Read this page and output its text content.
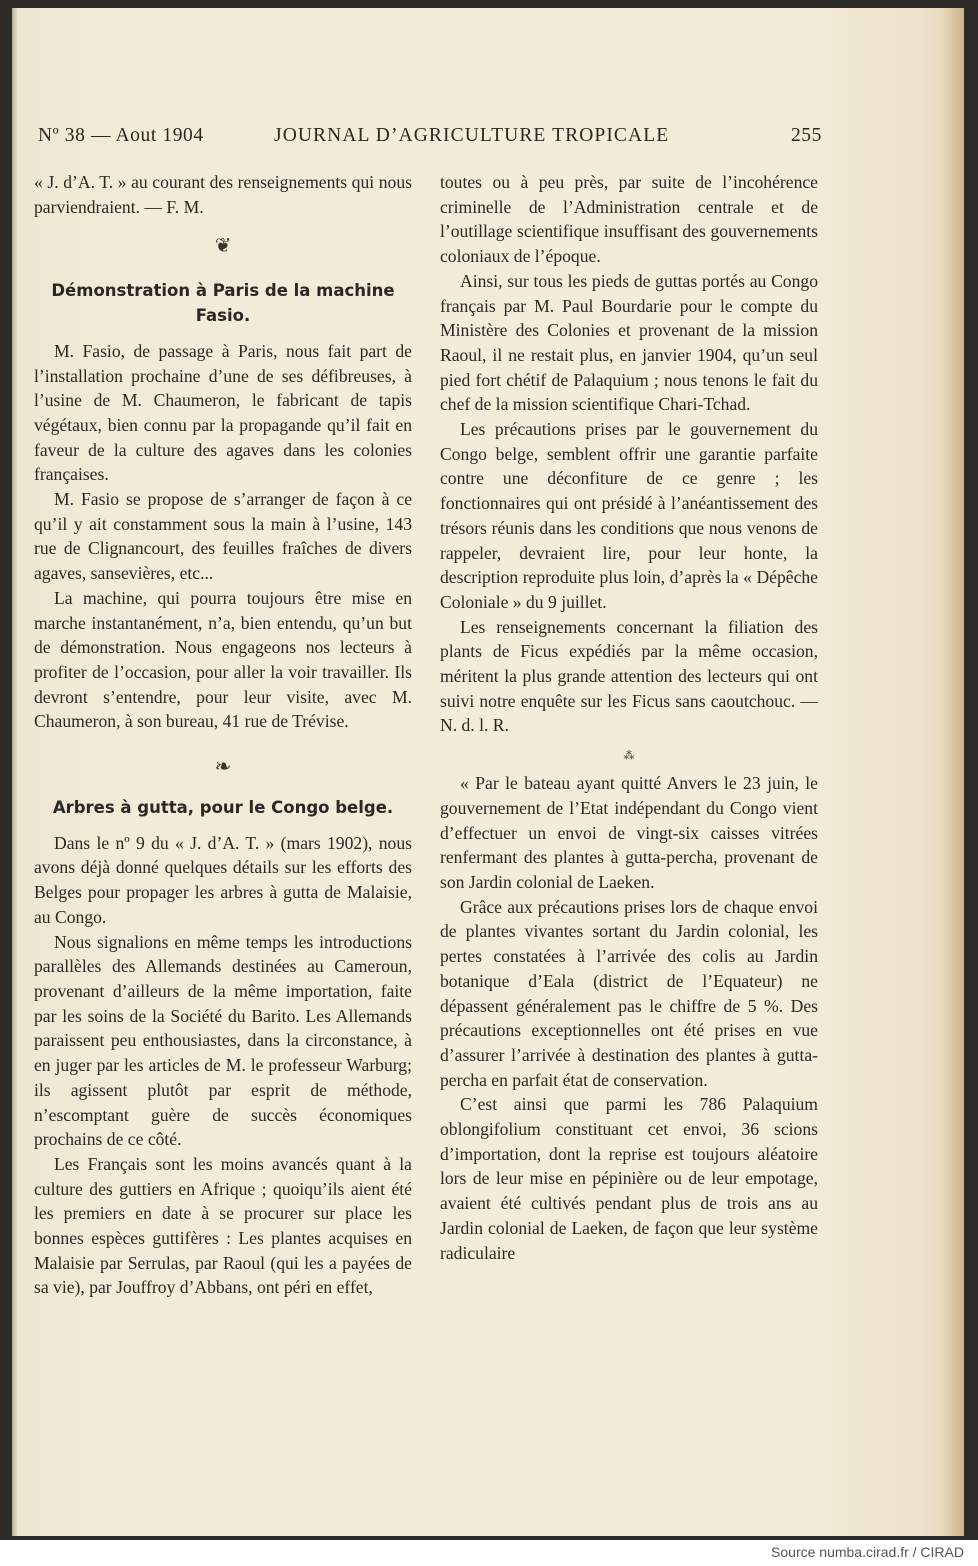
Nº 38 — Aout 1904	JOURNAL D’AGRICULTURE TROPICALE	255

« J. d’A. T. » au courant des renseignements qui nous parviendraient. — F. M.

❦
Démonstration à Paris de la machine Fasio.

M. Fasio, de passage à Paris, nous fait part de l’installation prochaine d’une de ses défibreuses, à l’usine de M. Chaumeron, le fabricant de tapis végétaux, bien connu par la propagande qu’il fait en faveur de la culture des agaves dans les colonies françaises.

M. Fasio se propose de s’arranger de façon à ce qu’il y ait constamment sous la main à l’usine, 143 rue de Clignancourt, des feuilles fraîches de divers agaves, sansevières, etc...

La machine, qui pourra toujours être mise en marche instantanément, n’a, bien entendu, qu’un but de démonstration. Nous engageons nos lecteurs à profiter de l’occasion, pour aller la voir travailler. Ils devront s’entendre, pour leur visite, avec M. Chaumeron, à son bureau, 41 rue de Trévise.

❧
Arbres à gutta, pour le Congo belge.

Dans le nº 9 du « J. d’A. T. » (mars 1902), nous avons déjà donné quelques détails sur les efforts des Belges pour propager les arbres à gutta de Malaisie, au Congo.

Nous signalions en même temps les introductions parallèles des Allemands destinées au Cameroun, provenant d’ailleurs de la même importation, faite par les soins de la Société du Barito. Les Allemands paraissent peu enthousiastes, dans la circonstance, à en juger par les articles de M. le professeur Warburg; ils agissent plutôt par esprit de méthode, n’escomptant guère de succès économiques prochains de ce côté.

Les Français sont les moins avancés quant à la culture des guttiers en Afrique ; quoiqu’ils aient été les premiers en date à se procurer sur place les bonnes espèces guttifères : Les plantes acquises en Malaisie par Serrulas, par Raoul (qui les a payées de sa vie), par Jouffroy d’Abbans, ont péri en effet,

toutes ou à peu près, par suite de l’incohérence criminelle de l’Administration centrale et de l’outillage scientifique insuffisant des gouvernements coloniaux de l’époque.

Ainsi, sur tous les pieds de guttas portés au Congo français par M. Paul Bourdarie pour le compte du Ministère des Colonies et provenant de la mission Raoul, il ne restait plus, en janvier 1904, qu’un seul pied fort chétif de Palaquium ; nous tenons le fait du chef de la mission scientifique Chari-Tchad.

Les précautions prises par le gouvernement du Congo belge, semblent offrir une garantie parfaite contre une déconfiture de ce genre ; les fonctionnaires qui ont présidé à l’anéantissement des trésors réunis dans les conditions que nous venons de rappeler, devraient lire, pour leur honte, la description reproduite plus loin, d’après la « Dépêche Coloniale » du 9 juillet.

Les renseignements concernant la filiation des plants de Ficus expédiés par la même occasion, méritent la plus grande attention des lecteurs qui ont suivi notre enquête sur les Ficus sans caoutchouc. — N. d. l. R.

⁂

« Par le bateau ayant quitté Anvers le 23 juin, le gouvernement de l’Etat indépendant du Congo vient d’effectuer un envoi de vingt-six caisses vitrées renfermant des plantes à gutta-percha, provenant de son Jardin colonial de Laeken.

Grâce aux précautions prises lors de chaque envoi de plantes vivantes sortant du Jardin colonial, les pertes constatées à l’arrivée des colis au Jardin botanique d’Eala (district de l’Equateur) ne dépassent généralement pas le chiffre de 5 %. Des précautions exceptionnelles ont été prises en vue d’assurer l’arrivée à destination des plantes à gutta-percha en parfait état de conservation.

C’est ainsi que parmi les 786 Palaquium oblongifolium constituant cet envoi, 36 scions d’importation, dont la reprise est toujours aléatoire lors de leur mise en pépinière ou de leur empotage, avaient été cultivés pendant plus de trois ans au Jardin colonial de Laeken, de façon que leur système radiculaire

Source numba.cirad.fr / CIRAD
